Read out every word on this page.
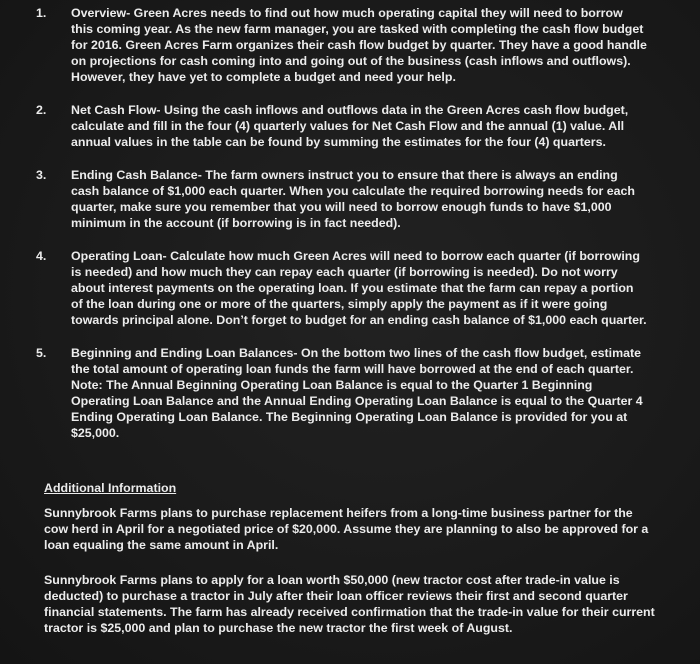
1. Overview- Green Acres needs to find out how much operating capital they will need to borrow this coming year. As the new farm manager, you are tasked with completing the cash flow budget for 2016. Green Acres Farm organizes their cash flow budget by quarter. They have a good handle on projections for cash coming into and going out of the business (cash inflows and outflows). However, they have yet to complete a budget and need your help.
2. Net Cash Flow- Using the cash inflows and outflows data in the Green Acres cash flow budget, calculate and fill in the four (4) quarterly values for Net Cash Flow and the annual (1) value. All annual values in the table can be found by summing the estimates for the four (4) quarters.
3. Ending Cash Balance- The farm owners instruct you to ensure that there is always an ending cash balance of $1,000 each quarter. When you calculate the required borrowing needs for each quarter, make sure you remember that you will need to borrow enough funds to have $1,000 minimum in the account (if borrowing is in fact needed).
4. Operating Loan- Calculate how much Green Acres will need to borrow each quarter (if borrowing is needed) and how much they can repay each quarter (if borrowing is needed). Do not worry about interest payments on the operating loan. If you estimate that the farm can repay a portion of the loan during one or more of the quarters, simply apply the payment as if it were going towards principal alone. Don’t forget to budget for an ending cash balance of $1,000 each quarter.
5. Beginning and Ending Loan Balances- On the bottom two lines of the cash flow budget, estimate the total amount of operating loan funds the farm will have borrowed at the end of each quarter. Note: The Annual Beginning Operating Loan Balance is equal to the Quarter 1 Beginning Operating Loan Balance and the Annual Ending Operating Loan Balance is equal to the Quarter 4 Ending Operating Loan Balance. The Beginning Operating Loan Balance is provided for you at $25,000.
Additional Information
Sunnybrook Farms plans to purchase replacement heifers from a long-time business partner for the cow herd in April for a negotiated price of $20,000. Assume they are planning to also be approved for a loan equaling the same amount in April.
Sunnybrook Farms plans to apply for a loan worth $50,000 (new tractor cost after trade-in value is deducted) to purchase a tractor in July after their loan officer reviews their first and second quarter financial statements. The farm has already received confirmation that the trade-in value for their current tractor is $25,000 and plan to purchase the new tractor the first week of August.
